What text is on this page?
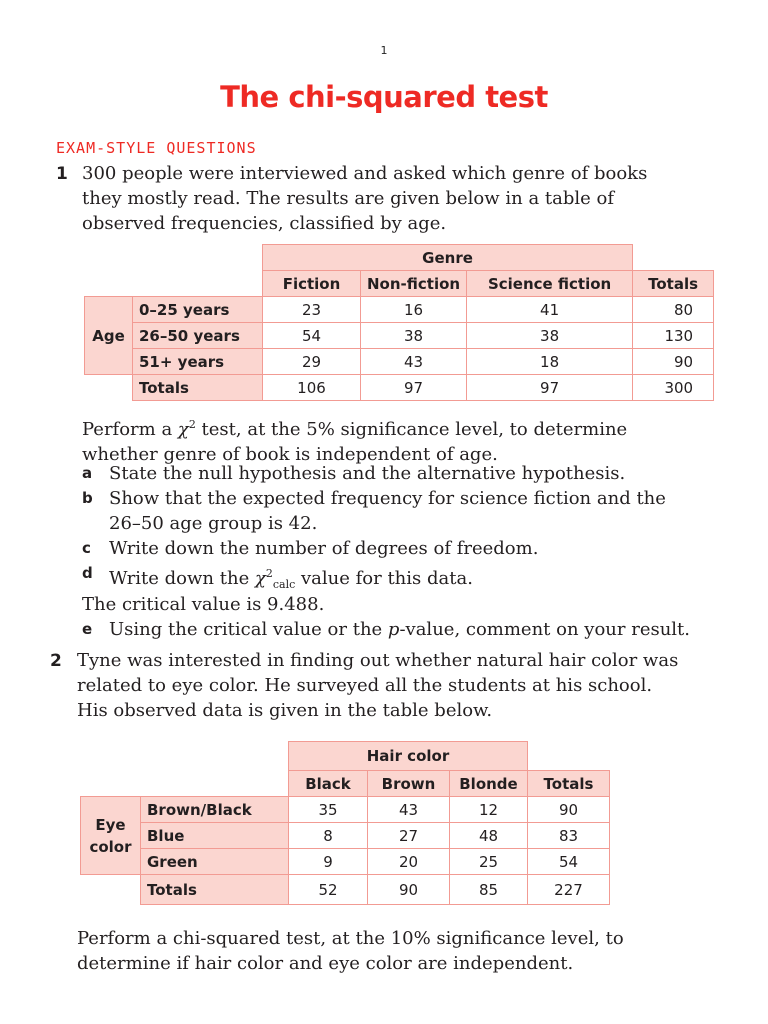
1
The chi-squared test
EXAM-STYLE QUESTIONS
1 300 people were interviewed and asked which genre of books
they mostly read. The results are given below in a table of
observed frequencies, classified by age.
		Genre			
		Fiction	Non-fiction	Science fiction	Totals
Age	0–25 years	23	16	41	80
	26–50 years	54	38	38	130
	51+ years	29	43	18	90
	Totals	106	97	97	300
Perform a $\chi^2$ test, at the 5% significance level, to determine
whether genre of book is independent of age.
a State the null hypothesis and the alternative hypothesis.
b Show that the expected frequency for science fiction and the
26–50 age group is 42.
c Write down the number of degrees of freedom.
d Write down the $\chi^2_{calc}$ value for this data.
The critical value is 9.488.
e Using the critical value or the p-value, comment on your result.
2 Tyne was interested in finding out whether natural hair color was
related to eye color. He surveyed all the students at his school.
His observed data is given in the table below.
		Hair color			
		Black	Brown	Blonde	Totals
Eye
color	Brown/Black	35	43	12	90
	Blue	8	27	48	83
	Green	9	20	25	54
	Totals	52	90	85	227
Perform a chi-squared test, at the 10% significance level, to
determine if hair color and eye color are independent.
